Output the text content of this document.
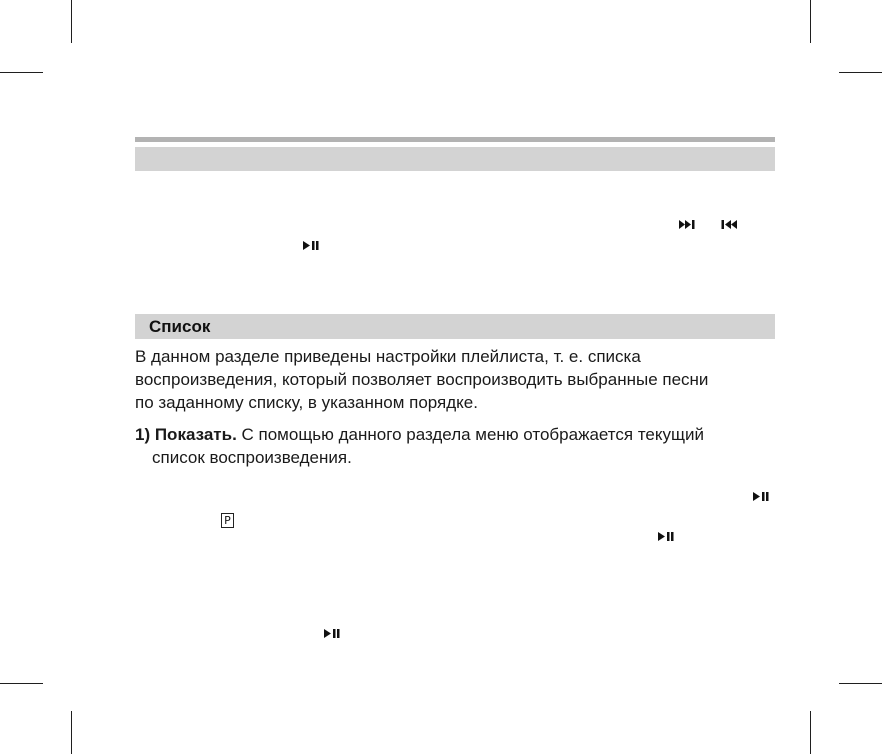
Список
В данном разделе приведены настройки плейлиста, т. е. списка
воспроизведения, который позволяет воспроизводить выбранные песни
по заданному списку, в указанном порядке.
1) Показать. С помощью данного раздела меню отображается текущий
список воспроизведения.
P
